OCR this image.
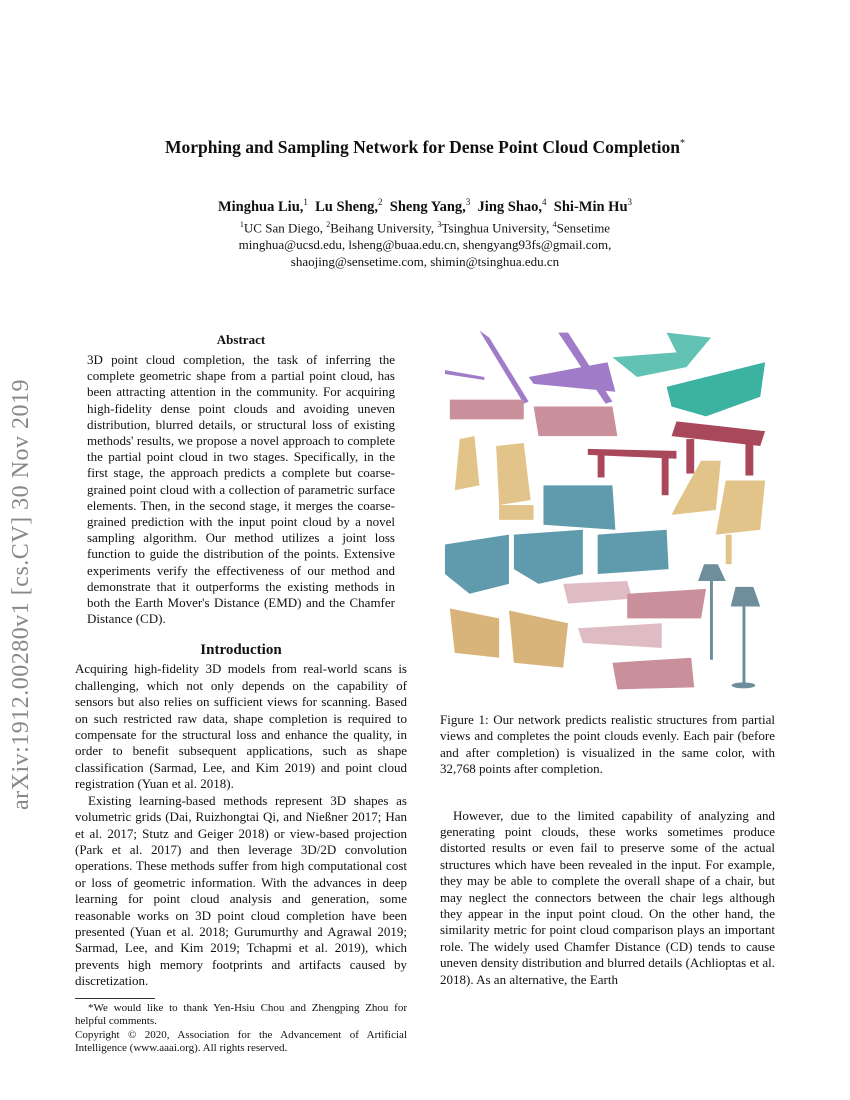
arXiv:1912.00280v1 [cs.CV] 30 Nov 2019
Morphing and Sampling Network for Dense Point Cloud Completion*
Minghua Liu,$^1$ Lu Sheng,$^2$ Sheng Yang,$^3$ Jing Shao,$^4$ Shi-Min Hu$^3$
$^1$UC San Diego, $^2$Beihang University, $^3$Tsinghua University, $^4$Sensetime
minghua@ucsd.edu, lsheng@buaa.edu.cn, shengyang93fs@gmail.com,
shaojing@sensetime.com, shimin@tsinghua.edu.cn
Abstract
3D point cloud completion, the task of inferring the complete geometric shape from a partial point cloud, has been attracting attention in the community. For acquiring high-fidelity dense point clouds and avoiding uneven distribution, blurred details, or structural loss of existing methods' results, we propose a novel approach to complete the partial point cloud in two stages. Specifically, in the first stage, the approach predicts a complete but coarse-grained point cloud with a collection of parametric surface elements. Then, in the second stage, it merges the coarse-grained prediction with the input point cloud by a novel sampling algorithm. Our method utilizes a joint loss function to guide the distribution of the points. Extensive experiments verify the effectiveness of our method and demonstrate that it outperforms the existing methods in both the Earth Mover's Distance (EMD) and the Chamfer Distance (CD).
Introduction
Acquiring high-fidelity 3D models from real-world scans is challenging, which not only depends on the capability of sensors but also relies on sufficient views for scanning. Based on such restricted raw data, shape completion is required to compensate for the structural loss and enhance the quality, in order to benefit subsequent applications, such as shape classification (Sarmad, Lee, and Kim 2019) and point cloud registration (Yuan et al. 2018).
Existing learning-based methods represent 3D shapes as volumetric grids (Dai, Ruizhongtai Qi, and Nießner 2017; Han et al. 2017; Stutz and Geiger 2018) or view-based projection (Park et al. 2017) and then leverage 3D/2D convolution operations. These methods suffer from high computational cost or loss of geometric information. With the advances in deep learning for point cloud analysis and generation, some reasonable works on 3D point cloud completion have been presented (Yuan et al. 2018; Gurumurthy and Agrawal 2019; Sarmad, Lee, and Kim 2019; Tchapmi et al. 2019), which prevents high memory footprints and artifacts caused by discretization.
*We would like to thank Yen-Hsiu Chou and Zhengping Zhou for helpful comments.
Copyright © 2020, Association for the Advancement of Artificial Intelligence (www.aaai.org). All rights reserved.
Figure 1: Our network predicts realistic structures from partial views and completes the point clouds evenly. Each pair (before and after completion) is visualized in the same color, with 32,768 points after completion.
However, due to the limited capability of analyzing and generating point clouds, these works sometimes produce distorted results or even fail to preserve some of the actual structures which have been revealed in the input. For example, they may be able to complete the overall shape of a chair, but may neglect the connectors between the chair legs although they appear in the input point cloud. On the other hand, the similarity metric for point cloud comparison plays an important role. The widely used Chamfer Distance (CD) tends to cause uneven density distribution and blurred details (Achlioptas et al. 2018). As an alternative, the Earth
